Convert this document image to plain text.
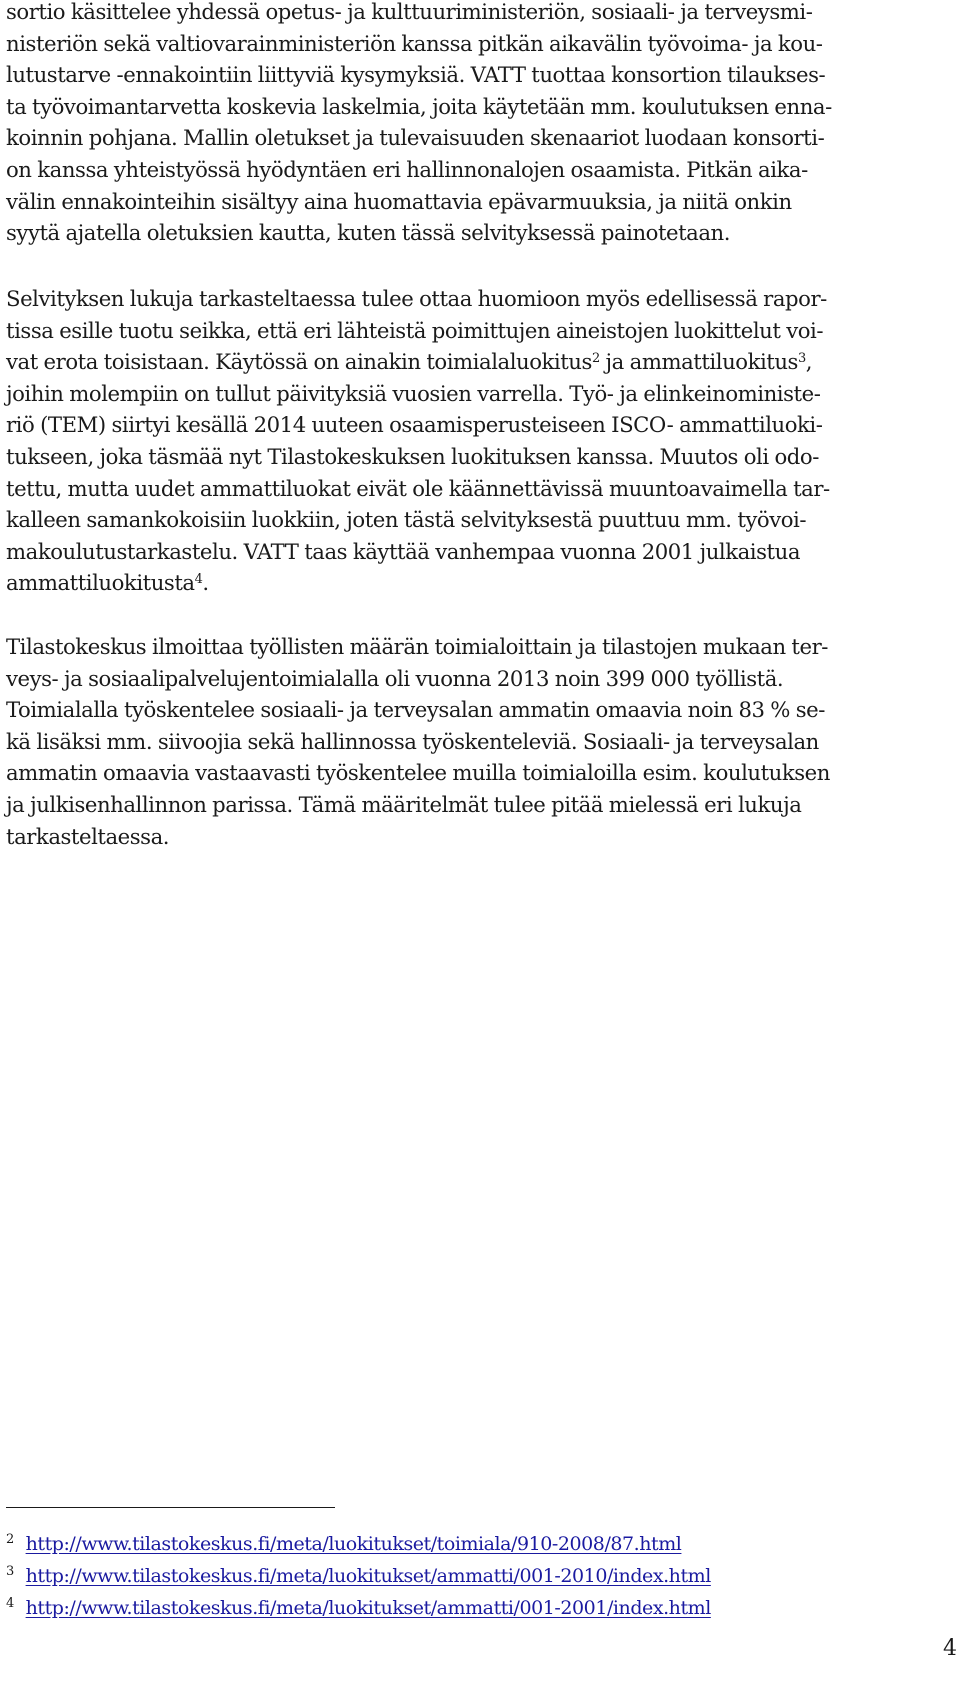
sortio käsittelee yhdessä opetus- ja kulttuuriministeriön, sosiaali- ja terveysmi-
nisteriön sekä valtiovarainministeriön kanssa pitkän aikavälin työvoima- ja kou-
lutustarve -ennakointiin liittyviä kysymyksiä. VATT tuottaa konsortion tilaukses-
ta työvoimantarvetta koskevia laskelmia, joita käytetään mm. koulutuksen enna-
koinnin pohjana. Mallin oletukset ja tulevaisuuden skenaariot luodaan konsorti-
on kanssa yhteistyössä hyödyntäen eri hallinnonalojen osaamista. Pitkän aika-
välin ennakointeihin sisältyy aina huomattavia epävarmuuksia, ja niitä onkin
syytä ajatella oletuksien kautta, kuten tässä selvityksessä painotetaan.
Selvityksen lukuja tarkasteltaessa tulee ottaa huomioon myös edellisessä rapor-
tissa esille tuotu seikka, että eri lähteistä poimittujen aineistojen luokittelut voi-
vat erota toisistaan. Käytössä on ainakin toimialaluokitus$^2$ ja ammattiluokitus$^3$,
joihin molempiin on tullut päivityksiä vuosien varrella. Työ- ja elinkeinoministe-
riö (TEM) siirtyi kesällä 2014 uuteen osaamisperusteiseen ISCO- ammattiluoki-
tukseen, joka täsmää nyt Tilastokeskuksen luokituksen kanssa. Muutos oli odo-
tettu, mutta uudet ammattiluokat eivät ole käännettävissä muuntoavaimella tar-
kalleen samankokoisiin luokkiin, joten tästä selvityksestä puuttuu mm. työvoi-
makoulutustarkastelu. VATT taas käyttää vanhempaa vuonna 2001 julkaistua
ammattiluokitusta$^4$.
Tilastokeskus ilmoittaa työllisten määrän toimialoittain ja tilastojen mukaan ter-
veys- ja sosiaalipalvelujentoimialalla oli vuonna 2013 noin 399 000 työllistä.
Toimialalla työskentelee sosiaali- ja terveysalan ammatin omaavia noin 83 % se-
kä lisäksi mm. siivoojia sekä hallinnossa työskenteleviä. Sosiaali- ja terveysalan
ammatin omaavia vastaavasti työskentelee muilla toimialoilla esim. koulutuksen
ja julkisenhallinnon parissa. Tämä määritelmät tulee pitää mielessä eri lukuja
tarkasteltaessa.
2 http://www.tilastokeskus.fi/meta/luokitukset/toimiala/910-2008/87.html
3 http://www.tilastokeskus.fi/meta/luokitukset/ammatti/001-2010/index.html
4 http://www.tilastokeskus.fi/meta/luokitukset/ammatti/001-2001/index.html
4
